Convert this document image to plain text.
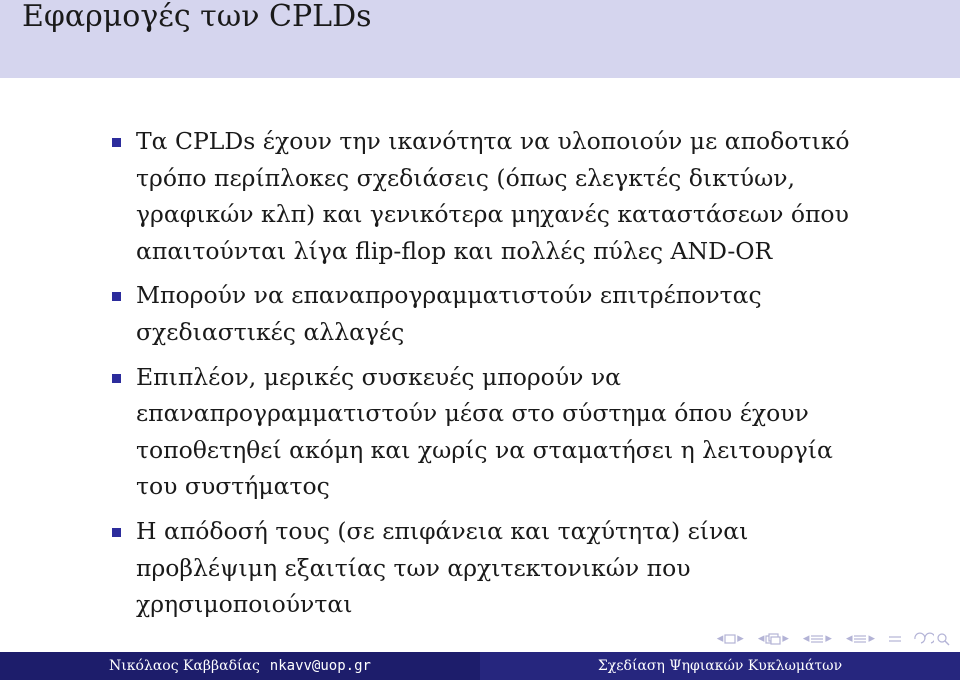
Εφαρμογές των CPLDs
Τα CPLDs έχουν την ικανότητα να υλοποιούν με αποδοτικό
τρόπο περίπλοκες σχεδιάσεις (όπως ελεγκτές δικτύων,
γραφικών κλπ) και γενικότερα μηχανές καταστάσεων όπου
απαιτούνται λίγα flip-flop και πολλές πύλες AND-OR
Μπορούν να επαναπρογραμματιστούν επιτρέποντας
σχεδιαστικές αλλαγές
Επιπλέον, μερικές συσκευές μπορούν να
επαναπρογραμματιστούν μέσα στο σύστημα όπου έχουν
τοποθετηθεί ακόμη και χωρίς να σταματήσει η λειτουργία
του συστήματος
Η απόδοσή τους (σε επιφάνεια και ταχύτητα) είναι
προβλέψιμη εξαιτίας των αρχιτεκτονικών που
χρησιμοποιούνται
◂ ▸ ◂ ▸ ◂ ▸ ◂ ▸
Νικόλαος Καββαδίας nkavv@uop.gr	Σχεδίαση Ψηφιακών Κυκλωμάτων
